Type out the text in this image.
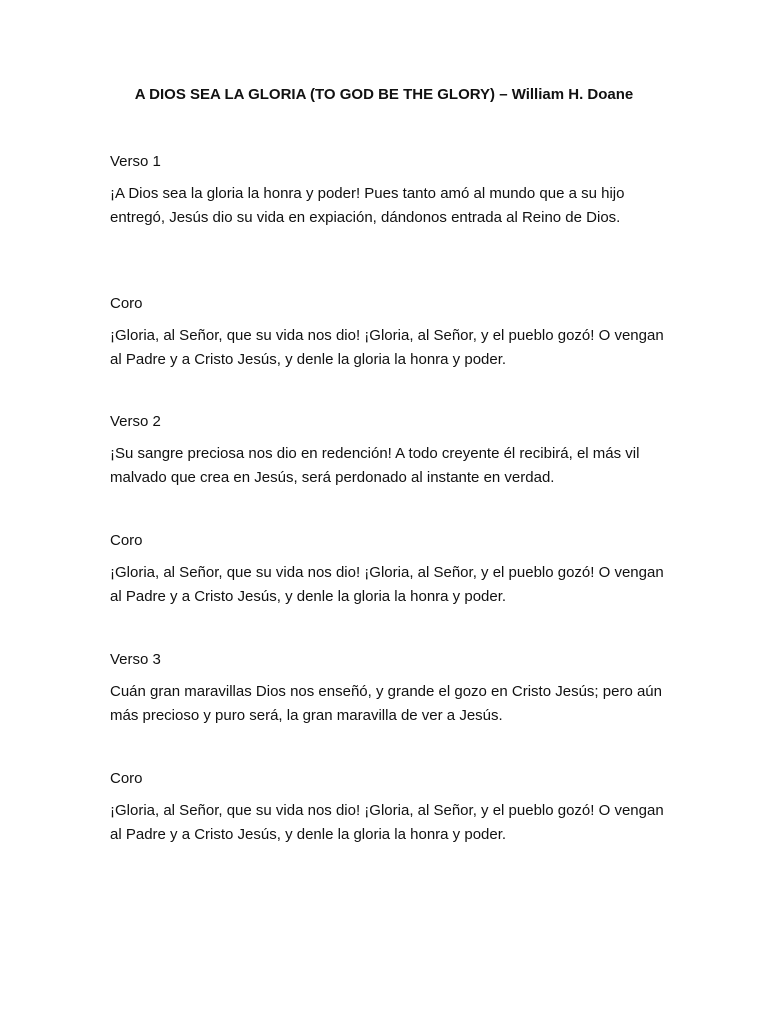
A DIOS SEA LA GLORIA (TO GOD BE THE GLORY) – William H. Doane

Verso 1

¡A Dios sea la gloria la honra y poder! Pues tanto amó al mundo que a su hijo entregó, Jesús dio su vida en expiación, dándonos entrada al Reino de Dios.

Coro

¡Gloria, al Señor, que su vida nos dio! ¡Gloria, al Señor, y el pueblo gozó! O vengan al Padre y a Cristo Jesús, y denle la gloria la honra y poder.

Verso 2

¡Su sangre preciosa nos dio en redención! A todo creyente él recibirá, el más vil malvado que crea en Jesús, será perdonado al instante en verdad.

Coro

¡Gloria, al Señor, que su vida nos dio! ¡Gloria, al Señor, y el pueblo gozó! O vengan al Padre y a Cristo Jesús, y denle la gloria la honra y poder.

Verso 3

Cuán gran maravillas Dios nos enseñó, y grande el gozo en Cristo Jesús; pero aún más precioso y puro será, la gran maravilla de ver a Jesús.

Coro

¡Gloria, al Señor, que su vida nos dio! ¡Gloria, al Señor, y el pueblo gozó! O vengan al Padre y a Cristo Jesús, y denle la gloria la honra y poder.
